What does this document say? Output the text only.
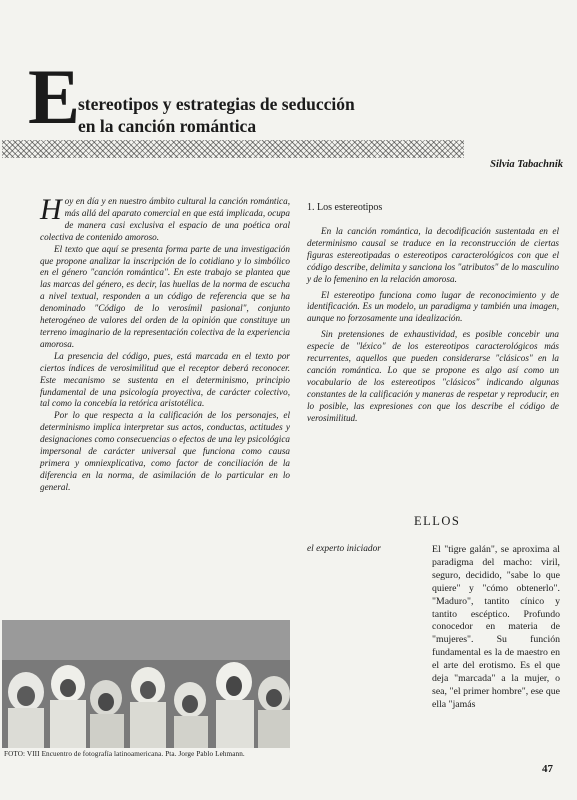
E
stereotipos y estrategias de seducción
en la canción romántica
Silvia Tabachnik

Hoy en día y en nuestro ámbito cultural la canción romántica, más allá del aparato comercial en que está implicada, ocupa de manera casi exclusiva el espacio de una poética oral colectiva de contenido amoroso.

El texto que aquí se presenta forma parte de una investigación que propone analizar la inscripción de lo cotidiano y lo simbólico en el género "canción romántica". En este trabajo se plantea que las marcas del género, es decir, las huellas de la norma de escucha a nivel textual, responden a un código de referencia que se ha denominado "Código de lo verosímil pasional", conjunto heterogéneo de valores del orden de la opinión que constituye un terreno imaginario de la representación colectiva de la experiencia amorosa.

La presencia del código, pues, está marcada en el texto por ciertos índices de verosimilitud que el receptor deberá reconocer. Este mecanismo se sustenta en el determinismo, principio fundamental de una psicología proyectiva, de carácter colectivo, tal como la concebía la retórica aristotélica.

Por lo que respecta a la calificación de los personajes, el determinismo implica interpretar sus actos, conductas, actitudes y designaciones como consecuencias o efectos de una ley psicológica impersonal de carácter universal que funciona como causa primera y omniexplicativa, como factor de conciliación de la diferencia en la norma, de asimilación de lo particular en lo general.

1. Los estereotipos

En la canción romántica, la decodificación sustentada en el determinismo causal se traduce en la reconstrucción de ciertas figuras estereotipadas o estereotipos caracterológicos con que el código describe, delimita y sanciona los "atributos" de lo masculino y de lo femenino en la relación amorosa.

El estereotipo funciona como lugar de reconocimiento y de identificación. Es un modelo, un paradigma y también una imagen, aunque no forzosamente una idealización.

Sin pretensiones de exhaustividad, es posible concebir una especie de "léxico" de los estereotipos caracterológicos más recurrentes, aquellos que pueden considerarse "clásicos" en la canción romántica. Lo que se propone es algo así como un vocabulario de los estereotipos "clásicos" indicando algunas constantes de la calificación y maneras de respetar y reproducir, en lo posible, las expresiones con que los describe el código de verosimilitud.

ELLOS
el experto iniciador	El "tigre galán", se aproxima al paradigma del macho: viril, seguro, decidido, "sabe lo que quiere" y "cómo obtenerlo". "Maduro", tantito cínico y tantito escéptico. Profundo conocedor en materia de "mujeres". Su función fundamental es la de maestro en el arte del erotismo. Es el que deja "marcada" a la mujer, o sea, "el primer hombre", ese que ella "jamás

FOTO: VIII Encuentro de fotografía latinoamericana. Pta. Jorge Pablo Lehmann.
47
